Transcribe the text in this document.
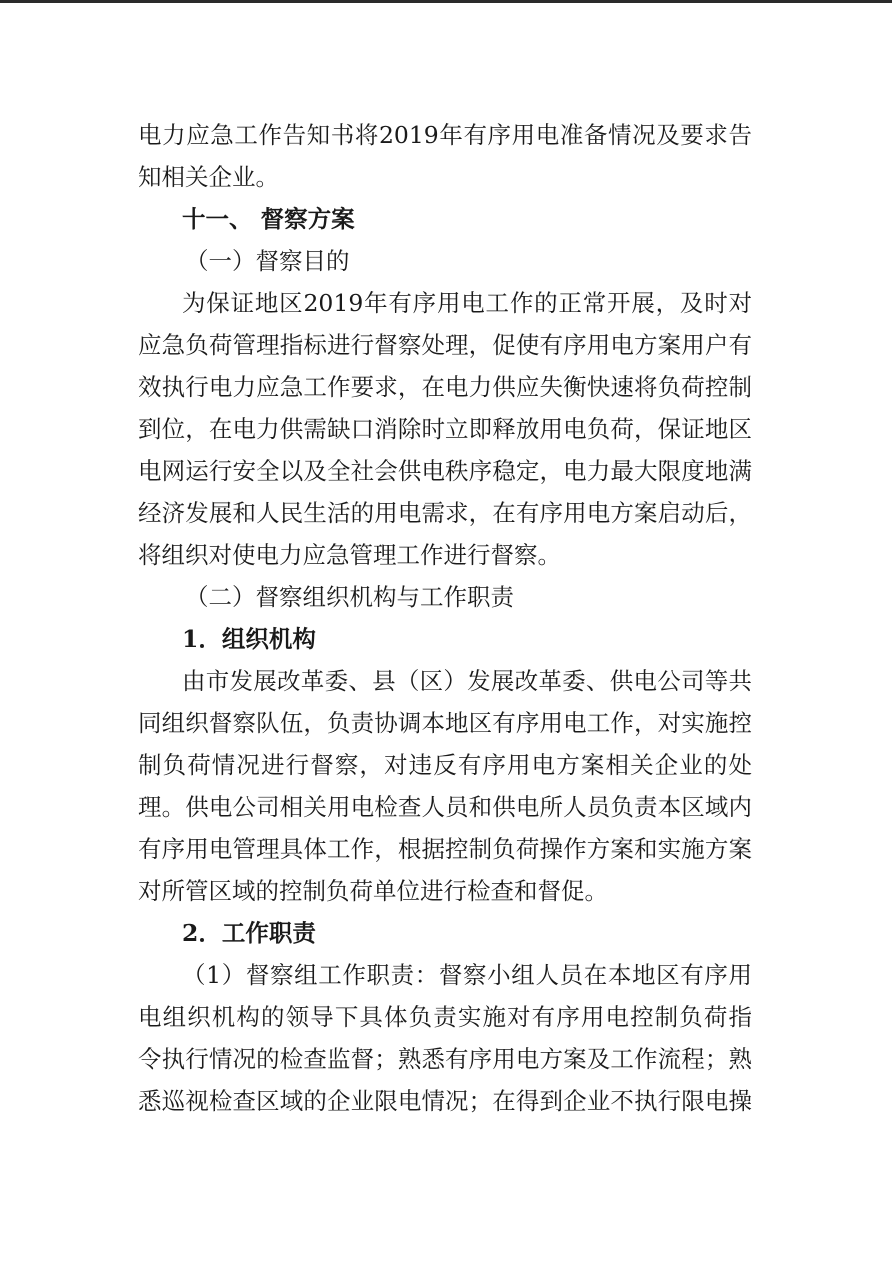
电力应急工作告知书将2019年有序用电准备情况及要求告
知相关企业。
十一、 督察方案
（一）督察目的
为保证地区2019年有序用电工作的正常开展，及时对
应急负荷管理指标进行督察处理，促使有序用电方案用户有
效执行电力应急工作要求，在电力供应失衡快速将负荷控制
到位，在电力供需缺口消除时立即释放用电负荷，保证地区
电网运行安全以及全社会供电秩序稳定，电力最大限度地满
经济发展和人民生活的用电需求，在有序用电方案启动后，
将组织对使电力应急管理工作进行督察。
（二）督察组织机构与工作职责
1．组织机构
由市发展改革委、县（区）发展改革委、供电公司等共
同组织督察队伍，负责协调本地区有序用电工作，对实施控
制负荷情况进行督察，对违反有序用电方案相关企业的处
理。供电公司相关用电检查人员和供电所人员负责本区域内
有序用电管理具体工作，根据控制负荷操作方案和实施方案
对所管区域的控制负荷单位进行检查和督促。
2．工作职责
（1）督察组工作职责：督察小组人员在本地区有序用
电组织机构的领导下具体负责实施对有序用电控制负荷指
令执行情况的检查监督；熟悉有序用电方案及工作流程；熟
悉巡视检查区域的企业限电情况；在得到企业不执行限电操
